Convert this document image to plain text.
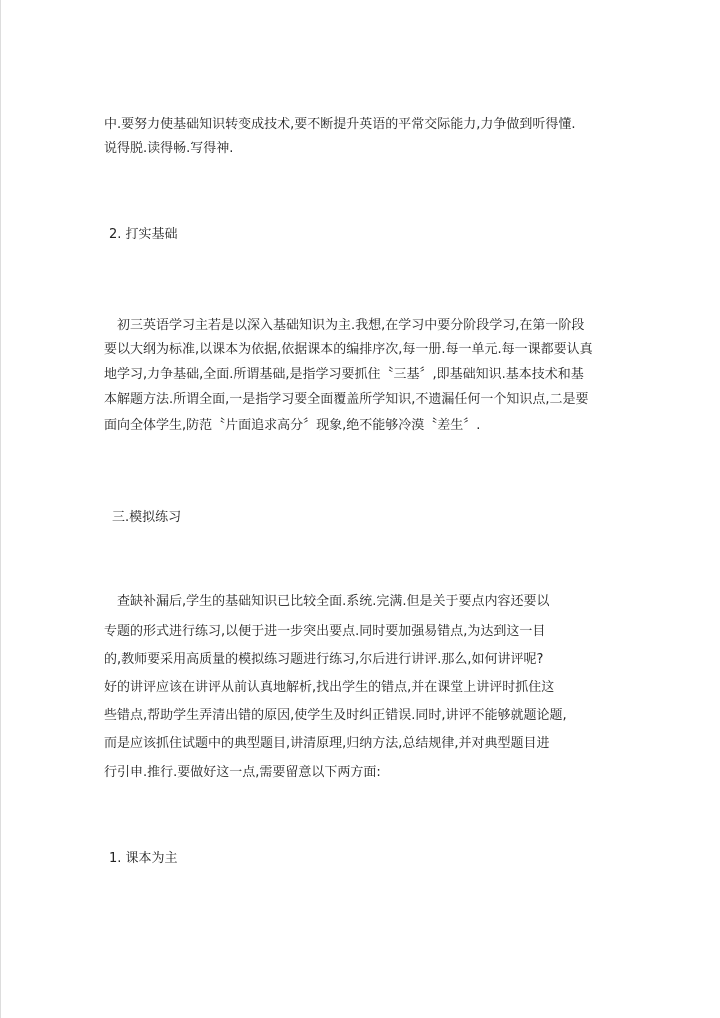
中.要努力使基础知识转变成技术,要不断提升英语的平常交际能力,力争做到听得懂.
说得脱.读得畅.写得神.
2. 打实基础
初三英语学习主若是以深入基础知识为主.我想,在学习中要分阶段学习,在第一阶段
要以大纲为标准,以课本为依据,依据课本的编排序次,每一册.每一单元.每一课都要认真
地学习,力争基础,全面.所谓基础,是指学习要抓住〝三基〞,即基础知识.基本技术和基
本解题方法.所谓全面,一是指学习要全面覆盖所学知识,不遗漏任何一个知识点,二是要
面向全体学生,防范〝片面追求高分〞现象,绝不能够冷漠〝差生〞.
三.模拟练习
查缺补漏后,学生的基础知识已比较全面.系统.完满.但是关于要点内容还要以
专题的形式进行练习,以便于进一步突出要点.同时要加强易错点,为达到这一目
的,教师要采用高质量的模拟练习题进行练习,尔后进行讲评.那么,如何讲评呢?
好的讲评应该在讲评从前认真地解析,找出学生的错点,并在课堂上讲评时抓住这
些错点,帮助学生弄清出错的原因,使学生及时纠正错误.同时,讲评不能够就题论题,
而是应该抓住试题中的典型题目,讲清原理,归纳方法,总结规律,并对典型题目进
行引申.推行.要做好这一点,需要留意以下两方面:
1. 课本为主
